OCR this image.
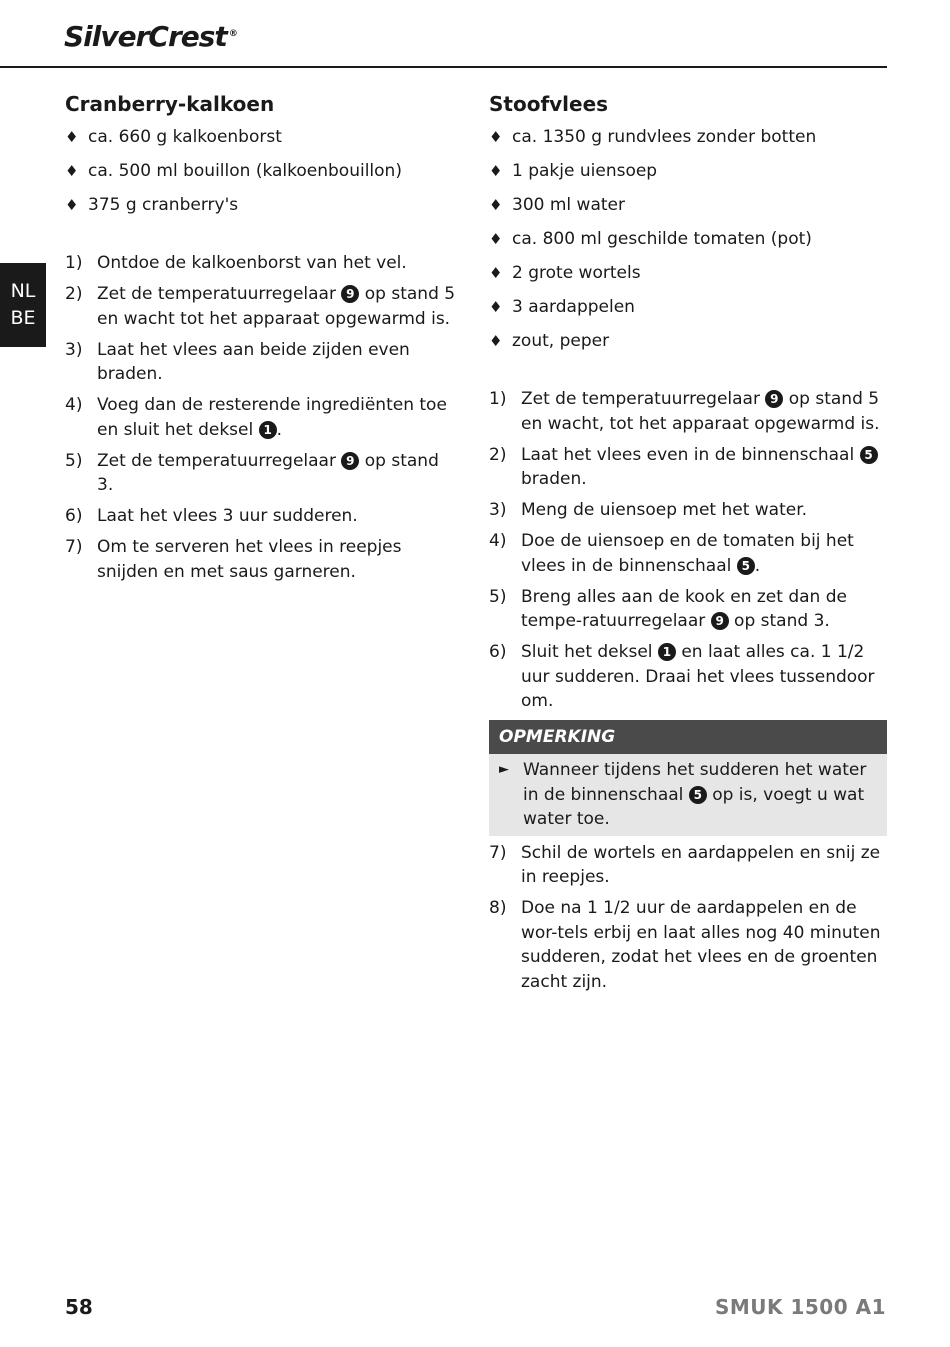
SilverCrest ®
NL
BE
Cranberry-kalkoen
♦ ca. 660 g kalkoenborst
♦ ca. 500 ml bouillon (kalkoenbouillon)
♦ 375 g cranberry's
1) Ontdoe de kalkoenborst van het vel.
2) Zet de temperatuurregelaar 9 op stand 5 en wacht tot het apparaat opgewarmd is.
3) Laat het vlees aan beide zijden even braden.
4) Voeg dan de resterende ingrediënten toe en sluit het deksel 1 .
5) Zet de temperatuurregelaar 9 op stand 3.
6) Laat het vlees 3 uur sudderen.
7) Om te serveren het vlees in reepjes snijden en met saus garneren.
Stoofvlees
♦ ca. 1350 g rundvlees zonder botten
♦ 1 pakje uiensoep
♦ 300 ml water
♦ ca. 800 ml geschilde tomaten (pot)
♦ 2 grote wortels
♦ 3 aardappelen
♦ zout, peper
1) Zet de temperatuurregelaar 9 op stand 5 en wacht, tot het apparaat opgewarmd is.
2) Laat het vlees even in de binnenschaal 5 braden.
3) Meng de uiensoep met het water.
4) Doe de uiensoep en de tomaten bij het vlees in de binnenschaal 5 .
5) Breng alles aan de kook en zet dan de tempe-ratuurregelaar 9 op stand 3.
6) Sluit het deksel 1 en laat alles ca. 1 1/2 uur sudderen. Draai het vlees tussendoor om.
OPMERKING
► Wanneer tijdens het sudderen het water in de binnenschaal 5 op is, voegt u wat water toe.
7) Schil de wortels en aardappelen en snij ze in reepjes.
8) Doe na 1 1/2 uur de aardappelen en de wor-tels erbij en laat alles nog 40 minuten sudderen, zodat het vlees en de groenten zacht zijn.
58	SMUK 1500 A1
